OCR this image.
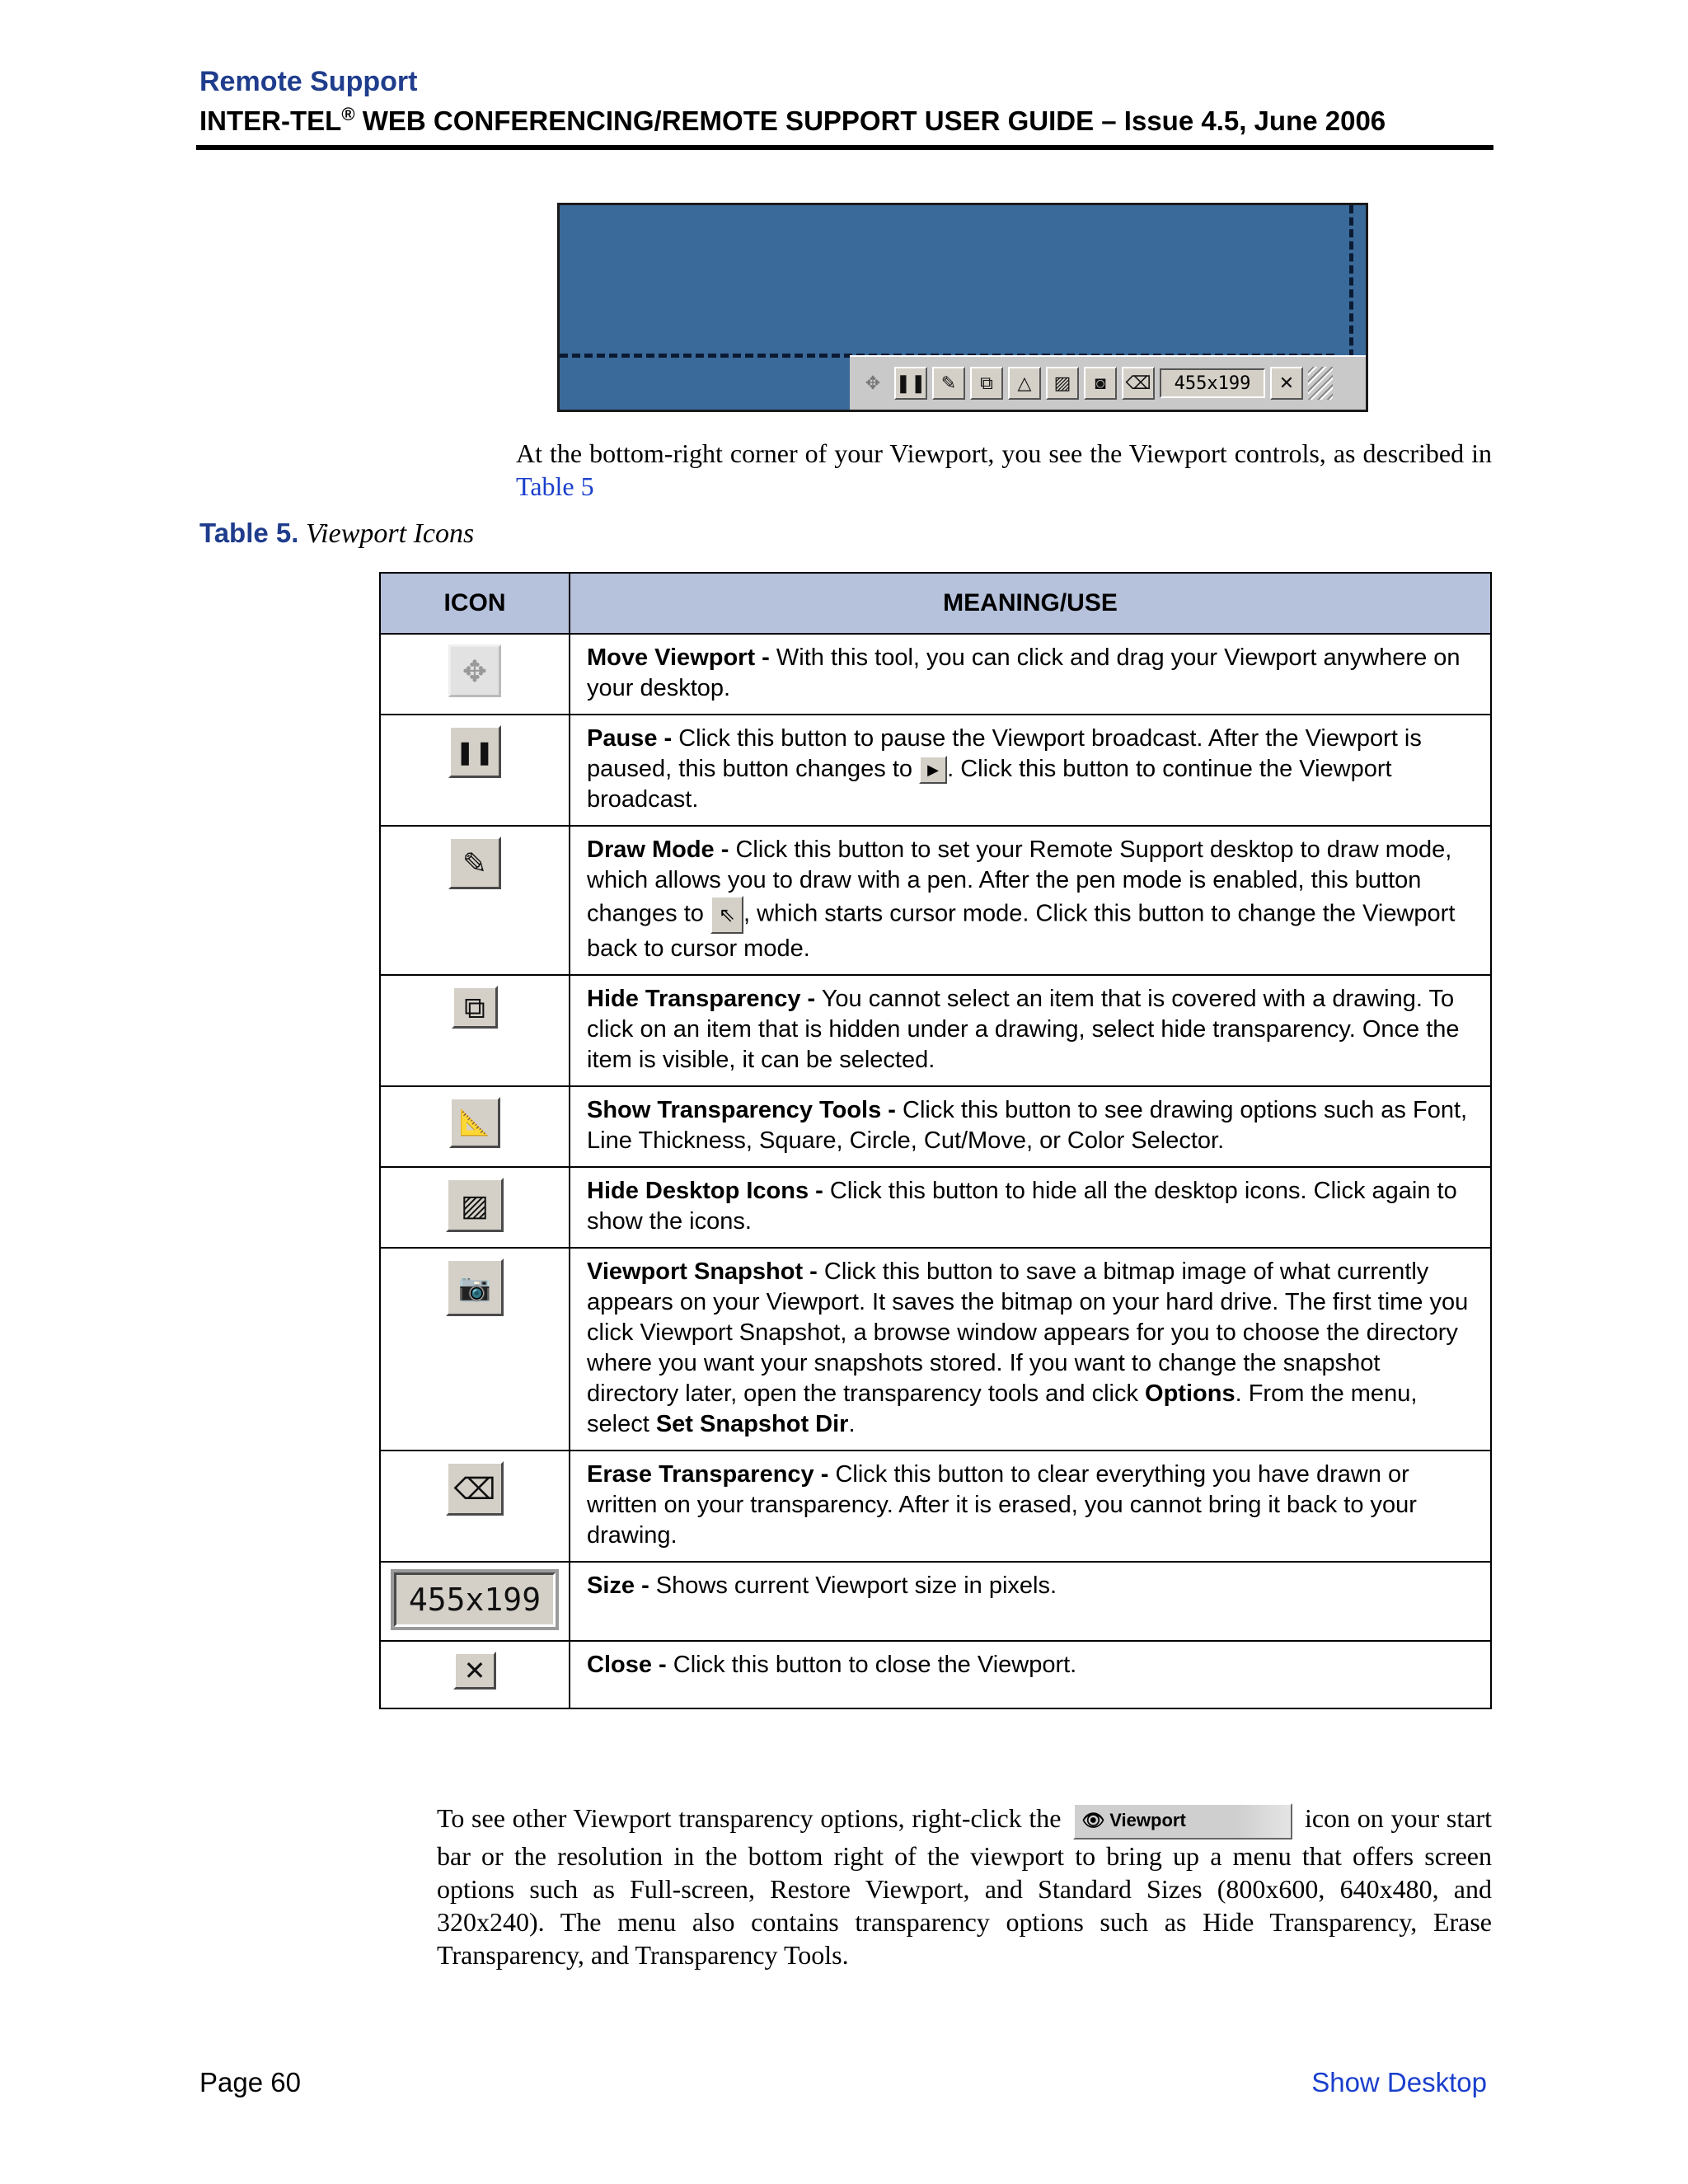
Remote Support
INTER-TEL® WEB CONFERENCING/REMOTE SUPPORT USER GUIDE – Issue 4.5, June 2006
✥ ❚❚ ✎	⧉	△	▨	◙	⌫	455x199	✕
At the bottom-right corner of your Viewport, you see the Viewport controls, as described in Table 5
Table 5. Viewport Icons
ICON	MEANING/USE

✥	Move Viewport - With this tool, you can click and drag your Viewport anywhere on your desktop.

❚❚	Pause - Click this button to pause the Viewport broadcast. After the Viewport is paused, this button changes to ▶ . Click this button to continue the Viewport broadcast.

✎	Draw Mode - Click this button to set your Remote Support desktop to draw mode, which allows you to draw with a pen. After the pen mode is enabled, this button changes to ⇖ , which starts cursor mode. Click this button to change the Viewport back to cursor mode.

⧉	Hide Transparency - You cannot select an item that is covered with a drawing. To click on an item that is hidden under a drawing, select hide transparency. Once the item is visible, it can be selected.

📐	Show Transparency Tools - Click this button to see drawing options such as Font, Line Thickness, Square, Circle, Cut/Move, or Color Selector.

▨	Hide Desktop Icons - Click this button to hide all the desktop icons. Click again to show the icons.

📷	Viewport Snapshot - Click this button to save a bitmap image of what currently appears on your Viewport. It saves the bitmap on your hard drive. The first time you click Viewport Snapshot, a browse window appears for you to choose the directory where you want your snapshots stored. If you want to change the snapshot directory later, open the transparency tools and click Options. From the menu, select Set Snapshot Dir.

⌫	Erase Transparency - Click this button to clear everything you have drawn or written on your transparency. After it is erased, you cannot bring it back to your drawing.

455x199	Size - Shows current Viewport size in pixels.

✕	Close - Click this button to close the Viewport.
To see other Viewport transparency options, right-click the 👁 Viewport	icon on your start bar or the resolution in the bottom right of the viewport to bring up a menu that offers screen options such as Full-screen, Restore Viewport, and Standard Sizes (800x600, 640x480, and 320x240). The menu also contains transparency options such as Hide Transparency, Erase Transparency, and Transparency Tools.
Page 60	Show Desktop
